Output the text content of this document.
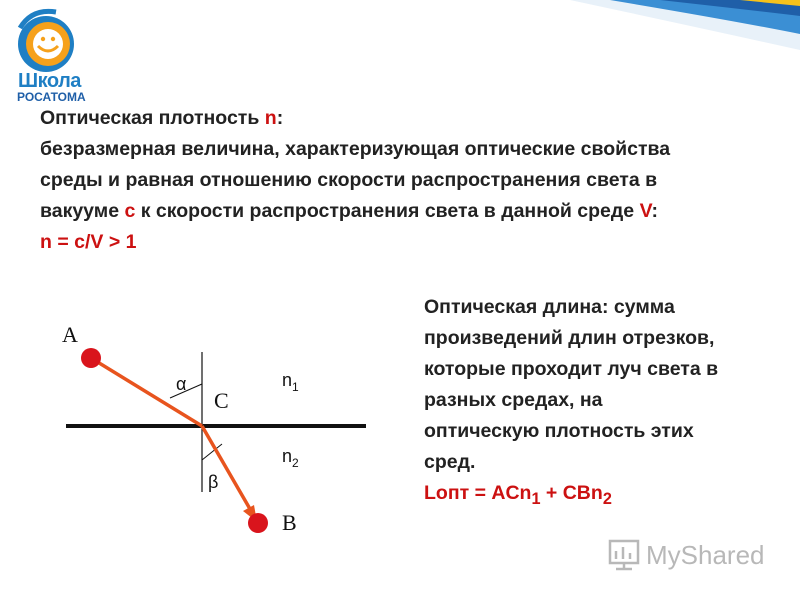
Школа
РОСАТОМА
Оптическая плотность n:
безразмерная величина, характеризующая оптические свойства
среды и равная отношению скорости распространения света в
вакууме с к скорости распространения света в данной среде V:
n = c/V > 1
A
B
C
α
β
$n_1$
$n_2$
Оптическая длина: сумма
произведений длин отрезков,
которые проходит луч света в
разных средах, на
оптическую плотность этих
сред.
Lопт = ACn$_1$ + CBn$_2$
MyShared
